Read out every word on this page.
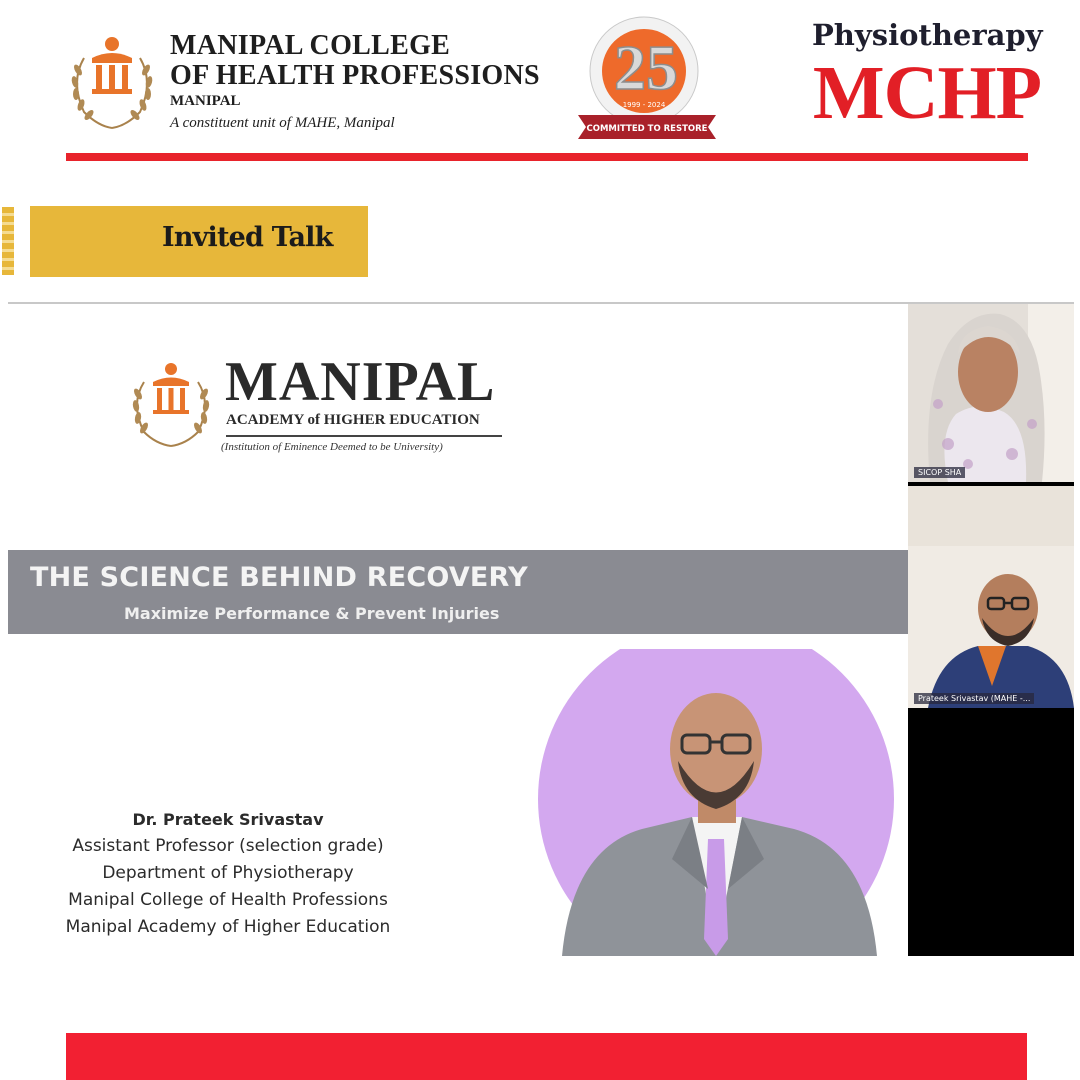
MANIPAL COLLEGE
OF HEALTH PROFESSIONS
MANIPAL
A constituent unit of MAHE, Manipal
25
1999 - 2024
COMMITTED TO RESTORE
Physiotherapy
MCHP
Invited Talk
MANIPAL
ACADEMY of HIGHER EDUCATION
(Institution of Eminence Deemed to be University)
THE SCIENCE BEHIND RECOVERY
Maximize Performance & Prevent Injuries
Dr. Prateek Srivastav
Assistant Professor (selection grade)
Department of Physiotherapy
Manipal College of Health Professions
Manipal Academy of Higher Education
SICOP SHA
Prateek Srivastav (MAHE -...
